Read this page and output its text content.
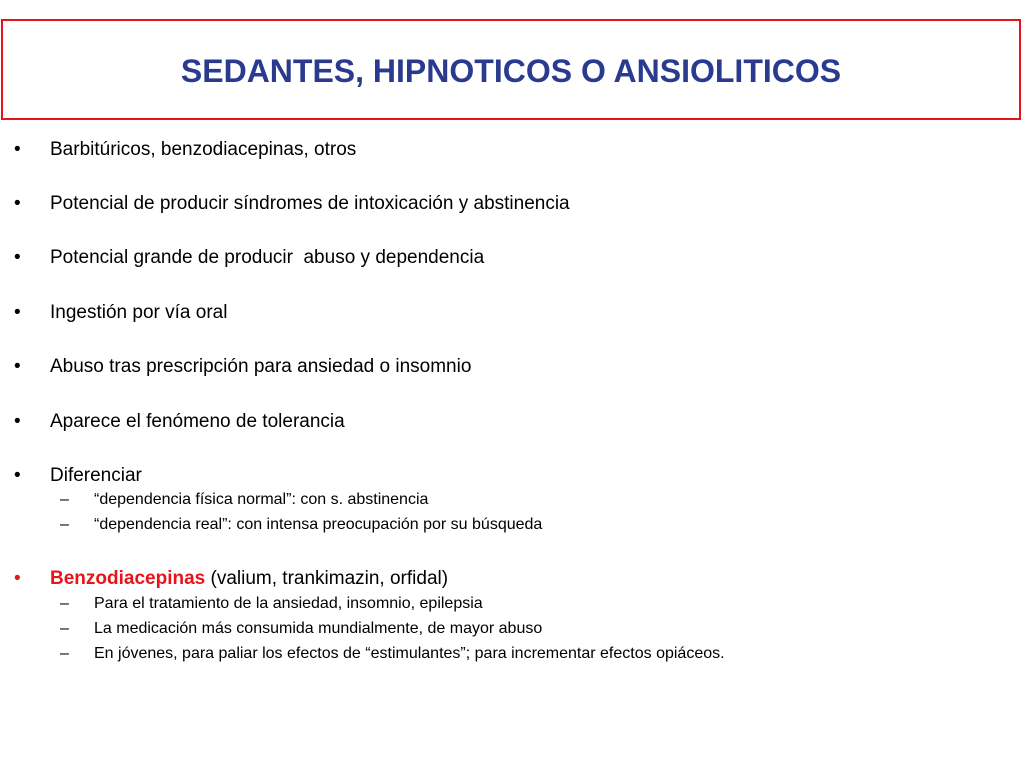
SEDANTES, HIPNOTICOS O ANSIOLITICOS
• Barbitúricos, benzodiacepinas, otros
• Potencial de producir síndromes de intoxicación y abstinencia
• Potencial grande de producir  abuso y dependencia
• Ingestión por vía oral
• Abuso tras prescripción para ansiedad o insomnio
• Aparece el fenómeno de tolerancia
• Diferenciar
– “dependencia física normal”: con s. abstinencia
– “dependencia real”: con intensa preocupación por su búsqueda
• Benzodiacepinas (valium, trankimazin, orfidal)
– Para el tratamiento de la ansiedad, insomnio, epilepsia
– La medicación más consumida mundialmente, de mayor abuso
– En jóvenes, para paliar los efectos de “estimulantes”; para incrementar efectos opiáceos.
